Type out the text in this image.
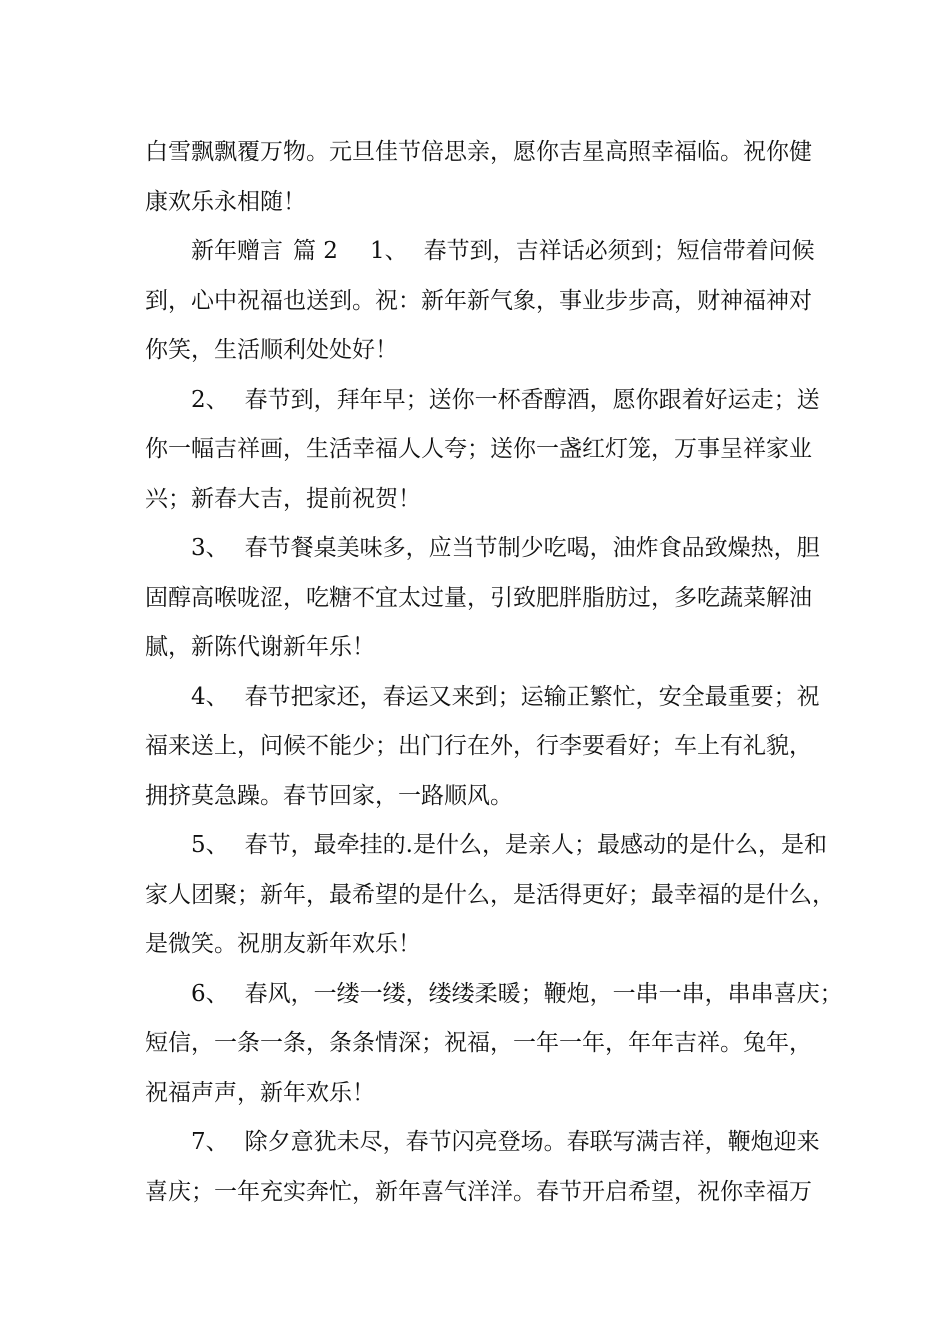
白雪飘飘覆万物。元旦佳节倍思亲，愿你吉星高照幸福临。祝你健
康欢乐永相随！
新年赠言 篇 2 1、 春节到，吉祥话必须到；短信带着问候
到，心中祝福也送到。祝：新年新气象，事业步步高，财神福神对
你笑，生活顺利处处好！
2、 春节到，拜年早；送你一杯香醇酒，愿你跟着好运走；送
你一幅吉祥画，生活幸福人人夸；送你一盏红灯笼，万事呈祥家业
兴；新春大吉，提前祝贺！
3、 春节餐桌美味多，应当节制少吃喝，油炸食品致燥热，胆
固醇高喉咙涩，吃糖不宜太过量，引致肥胖脂肪过，多吃蔬菜解油
腻，新陈代谢新年乐！
4、 春节把家还，春运又来到；运输正繁忙，安全最重要；祝
福来送上，问候不能少；出门行在外，行李要看好；车上有礼貌，
拥挤莫急躁。春节回家，一路顺风。
5、 春节，最牵挂的.是什么，是亲人；最感动的是什么，是和
家人团聚；新年，最希望的是什么，是活得更好；最幸福的是什么，
是微笑。祝朋友新年欢乐！
6、 春风，一缕一缕，缕缕柔暖；鞭炮，一串一串，串串喜庆；
短信，一条一条，条条情深；祝福，一年一年，年年吉祥。兔年，
祝福声声，新年欢乐！
7、 除夕意犹未尽，春节闪亮登场。春联写满吉祥，鞭炮迎来
喜庆；一年充实奔忙，新年喜气洋洋。春节开启希望，祝你幸福万
